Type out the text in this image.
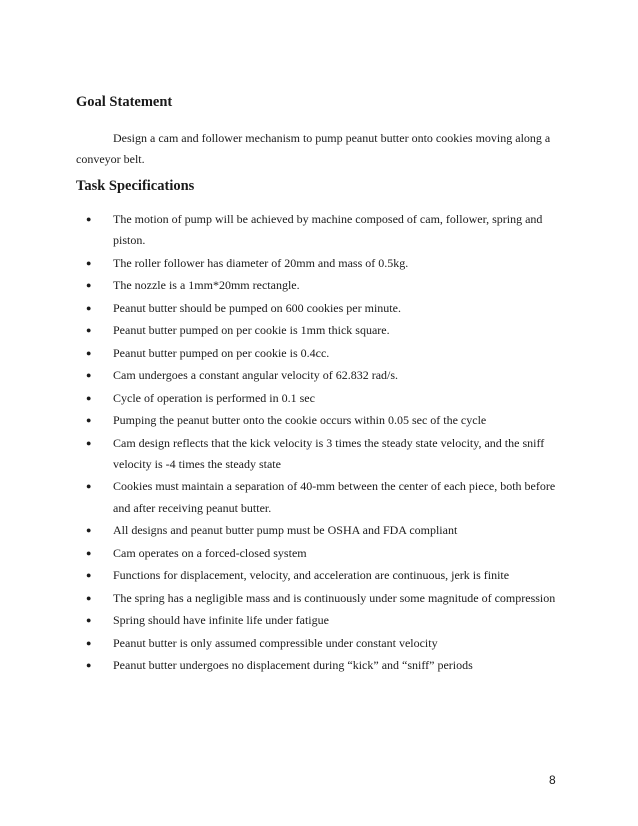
Goal Statement

Design a cam and follower mechanism to pump peanut butter onto cookies moving along a conveyor belt.

Task Specifications
● The motion of pump will be achieved by machine composed of cam, follower, spring and piston.
● The roller follower has diameter of 20mm and mass of 0.5kg.
● The nozzle is a 1mm*20mm rectangle.
● Peanut butter should be pumped on 600 cookies per minute.
● Peanut butter pumped on per cookie is 1mm thick square.
● Peanut butter pumped on per cookie is 0.4cc.
● Cam undergoes a constant angular velocity of 62.832 rad/s.
● Cycle of operation is performed in 0.1 sec
● Pumping the peanut butter onto the cookie occurs within 0.05 sec of the cycle
● Cam design reflects that the kick velocity is 3 times the steady state velocity, and the sniff velocity is -4 times the steady state
● Cookies must maintain a separation of 40-mm between the center of each piece, both before and after receiving peanut butter.
● All designs and peanut butter pump must be OSHA and FDA compliant
● Cam operates on a forced-closed system
● Functions for displacement, velocity, and acceleration are continuous, jerk is finite
● The spring has a negligible mass and is continuously under some magnitude of compression
● Spring should have infinite life under fatigue
● Peanut butter is only assumed compressible under constant velocity
● Peanut butter undergoes no displacement during “kick” and “sniff” periods
8
